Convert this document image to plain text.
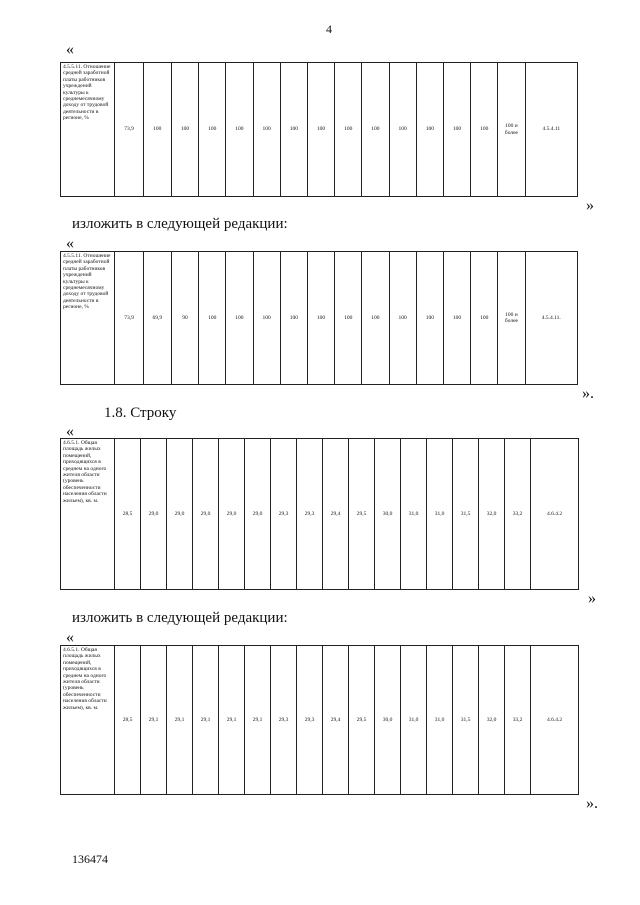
4
«
4.5.5.11. Отношение средней заработной платы работников учреждений культуры к среднемесячному доходу от трудовой деятельности в регионе, %	73,9	100	100	100	100	100	100	100	100	100	100	100	100	100	100 и более	4.5.4.11
»
изложить в следующей редакции:
«
4.5.5.11. Отношение средней заработной платы работников учреждений культуры к среднемесячному доходу от трудовой деятельности в регионе, %	73,9	69,9	90	100	100	100	100	100	100	100	100	100	100	100	100 и более	4.5.4.11.
».
1.8. Строку
«
4.6.5.1. Общая площадь жилых помещений, приходящихся в среднем на одного жителя области (уровень обеспеченности населения области жильем), кв. м.	28,5	29,0	29,0	29,0	29,0	29,0	29,3	29,3	29,4	29,5	30,0	31,0	31,0	31,5	32,0	33,2	4.6.4.2
»
изложить в следующей редакции:
«
4.6.5.1. Общая площадь жилых помещений, приходящихся в среднем на одного жителя области (уровень обеспеченности населения области жильем), кв. м.	28,5	29,1	29,1	29,1	29,1	29,1	29,3	29,3	29,4	29,5	30,0	31,0	31,0	31,5	32,0	33,2	4.6.4.2
».
136474
